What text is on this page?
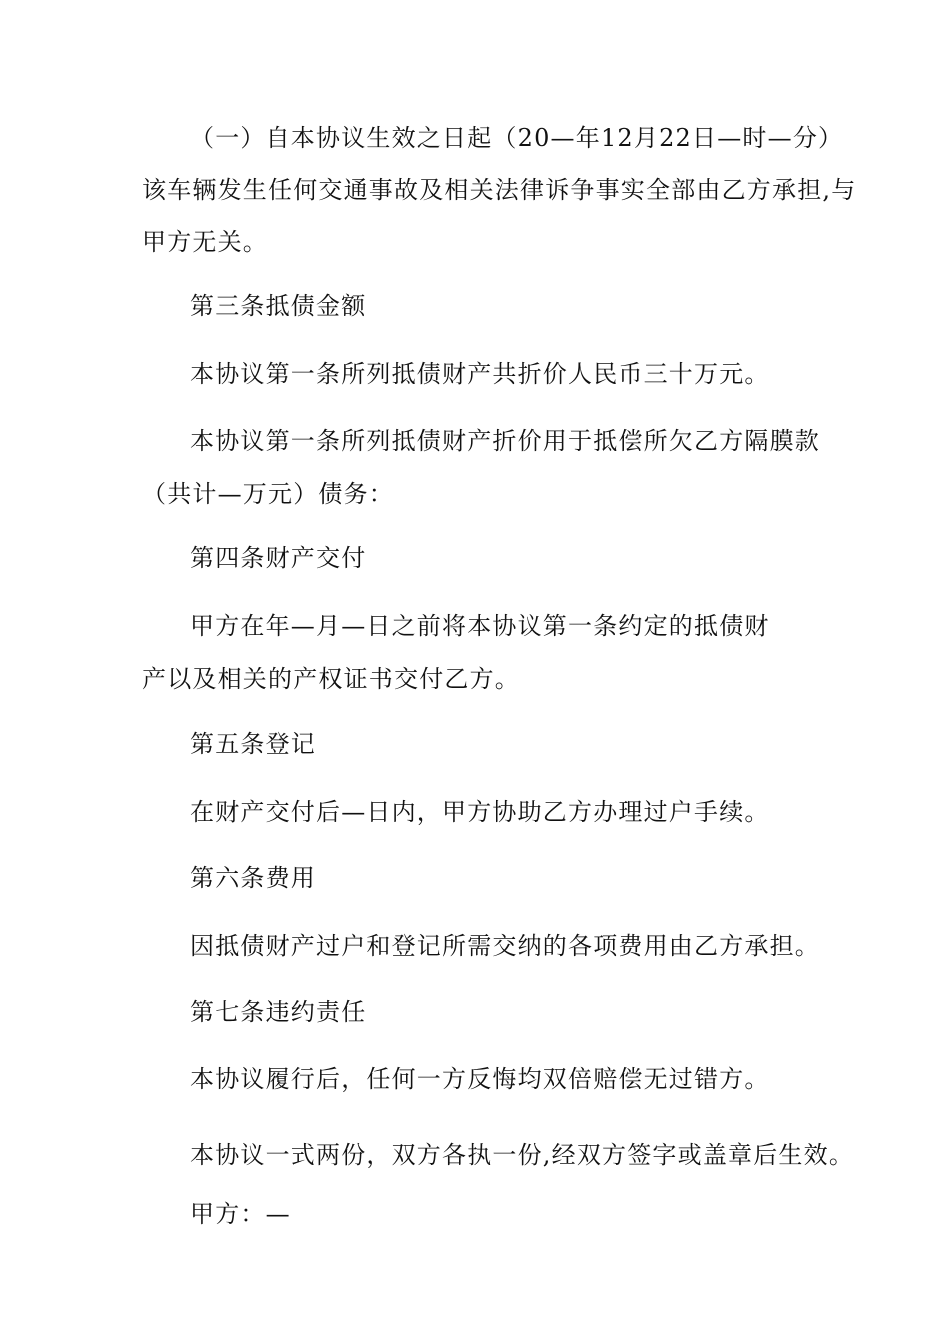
（一）自本协议生效之日起（20—年12月22日—时—分）
该车辆发生任何交通事故及相关法律诉争事实全部由乙方承担,与
甲方无关。
第三条抵债金额
本协议第一条所列抵债财产共折价人民币三十万元。
本协议第一条所列抵债财产折价用于抵偿所欠乙方隔膜款
（共计—万元）债务：
第四条财产交付
甲方在年—月—日之前将本协议第一条约定的抵债财
产以及相关的产权证书交付乙方。
第五条登记
在财产交付后—日内，甲方协助乙方办理过户手续。
第六条费用
因抵债财产过户和登记所需交纳的各项费用由乙方承担。
第七条违约责任
本协议履行后，任何一方反悔均双倍赔偿无过错方。
本协议一式两份，双方各执一份,经双方签字或盖章后生效。
甲方：—
